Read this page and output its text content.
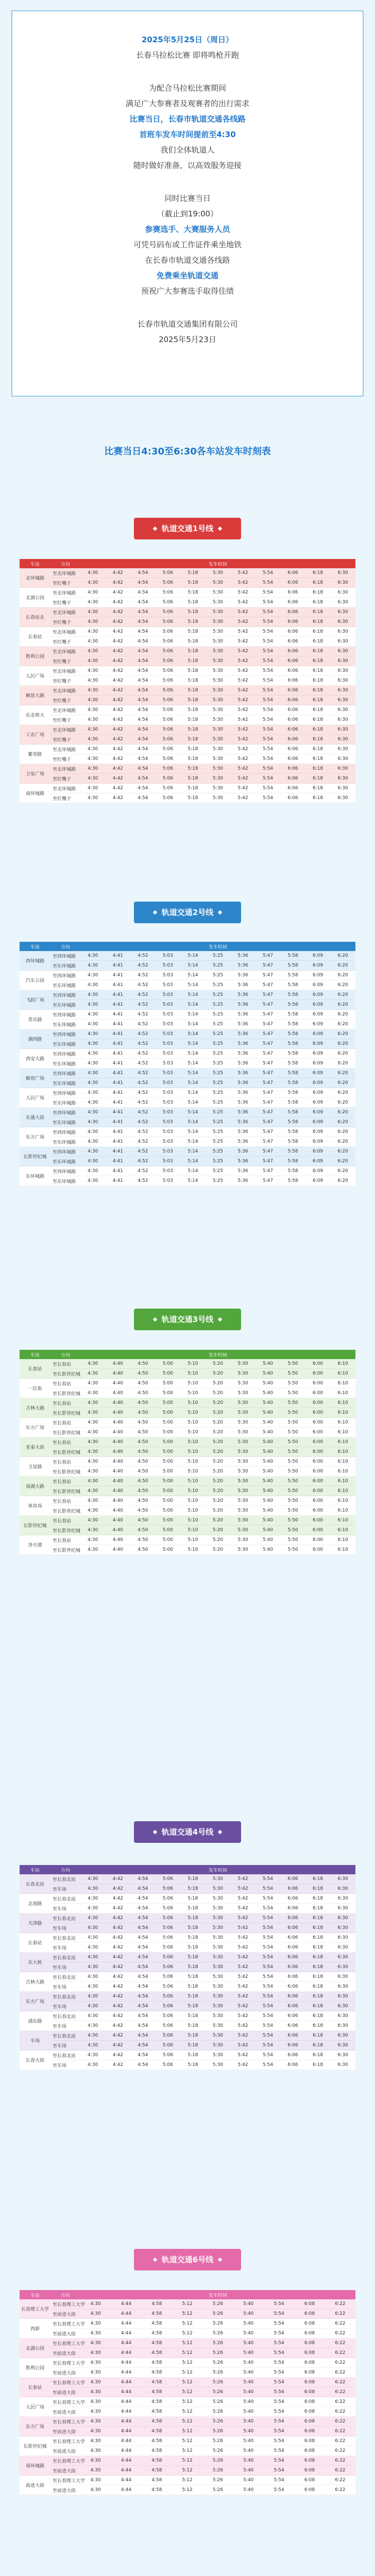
2025年5月25日（周日）
长春马拉松比赛 即将鸣枪开跑
为配合马拉松比赛期间
满足广大参赛者及观赛者的出行需求
比赛当日，长春市轨道交通各线路
首班车发车时间提前至4:30
我们全体轨道人
随时做好准备，以高效服务迎接
同时比赛当日
（截止到19:00）
参赛选手、大赛服务人员
可凭号码布或工作证件乘坐地铁
在长春市轨道交通各线路
免费乘坐轨道交通
预祝广大参赛选手取得佳绩
长春市轨道交通集团有限公司
2025年5月23日
比赛当日4:30至6:30各车站发车时刻表
轨道交通1号线
车站	方向	发车时间										
北环城路	至北环城路	4:30	4:42	4:54	5:06	5:18	5:30	5:42	5:54	6:06	6:18	6:30
	至红嘴子	4:30	4:42	4:54	5:06	5:18	5:30	5:42	5:54	6:06	6:18	6:30
北湖公园	至北环城路	4:30	4:42	4:54	5:06	5:18	5:30	5:42	5:54	6:06	6:18	6:30
	至红嘴子	4:30	4:42	4:54	5:06	5:18	5:30	5:42	5:54	6:06	6:18	6:30
长春站北	至北环城路	4:30	4:42	4:54	5:06	5:18	5:30	5:42	5:54	6:06	6:18	6:30
	至红嘴子	4:30	4:42	4:54	5:06	5:18	5:30	5:42	5:54	6:06	6:18	6:30
长春站	至北环城路	4:30	4:42	4:54	5:06	5:18	5:30	5:42	5:54	6:06	6:18	6:30
	至红嘴子	4:30	4:42	4:54	5:06	5:18	5:30	5:42	5:54	6:06	6:18	6:30
胜利公园	至北环城路	4:30	4:42	4:54	5:06	5:18	5:30	5:42	5:54	6:06	6:18	6:30
	至红嘴子	4:30	4:42	4:54	5:06	5:18	5:30	5:42	5:54	6:06	6:18	6:30
人民广场	至北环城路	4:30	4:42	4:54	5:06	5:18	5:30	5:42	5:54	6:06	6:18	6:30
	至红嘴子	4:30	4:42	4:54	5:06	5:18	5:30	5:42	5:54	6:06	6:18	6:30
解放大路	至北环城路	4:30	4:42	4:54	5:06	5:18	5:30	5:42	5:54	6:06	6:18	6:30
	至红嘴子	4:30	4:42	4:54	5:06	5:18	5:30	5:42	5:54	6:06	6:18	6:30
东北师大	至北环城路	4:30	4:42	4:54	5:06	5:18	5:30	5:42	5:54	6:06	6:18	6:30
	至红嘴子	4:30	4:42	4:54	5:06	5:18	5:30	5:42	5:54	6:06	6:18	6:30
工农广场	至北环城路	4:30	4:42	4:54	5:06	5:18	5:30	5:42	5:54	6:06	6:18	6:30
	至红嘴子	4:30	4:42	4:54	5:06	5:18	5:30	5:42	5:54	6:06	6:18	6:30
繁荣路	至北环城路	4:30	4:42	4:54	5:06	5:18	5:30	5:42	5:54	6:06	6:18	6:30
	至红嘴子	4:30	4:42	4:54	5:06	5:18	5:30	5:42	5:54	6:06	6:18	6:30
卫星广场	至北环城路	4:30	4:42	4:54	5:06	5:18	5:30	5:42	5:54	6:06	6:18	6:30
	至红嘴子	4:30	4:42	4:54	5:06	5:18	5:30	5:42	5:54	6:06	6:18	6:30
南环城路	至北环城路	4:30	4:42	4:54	5:06	5:18	5:30	5:42	5:54	6:06	6:18	6:30
	至红嘴子	4:30	4:42	4:54	5:06	5:18	5:30	5:42	5:54	6:06	6:18	6:30
轨道交通2号线
车站	方向	发车时间										
西环城路	至西环城路	4:30	4:41	4:52	5:03	5:14	5:25	5:36	5:47	5:58	6:09	6:20
	至东环城路	4:30	4:41	4:52	5:03	5:14	5:25	5:36	5:47	5:58	6:09	6:20
汽车公园	至西环城路	4:30	4:41	4:52	5:03	5:14	5:25	5:36	5:47	5:58	6:09	6:20
	至东环城路	4:30	4:41	4:52	5:03	5:14	5:25	5:36	5:47	5:58	6:09	6:20
飞跃广场	至西环城路	4:30	4:41	4:52	5:03	5:14	5:25	5:36	5:47	5:58	6:09	6:20
	至东环城路	4:30	4:41	4:52	5:03	5:14	5:25	5:36	5:47	5:58	6:09	6:20
普庆路	至西环城路	4:30	4:41	4:52	5:03	5:14	5:25	5:36	5:47	5:58	6:09	6:20
	至东环城路	4:30	4:41	4:52	5:03	5:14	5:25	5:36	5:47	5:58	6:09	6:20
湖西路	至西环城路	4:30	4:41	4:52	5:03	5:14	5:25	5:36	5:47	5:58	6:09	6:20
	至东环城路	4:30	4:41	4:52	5:03	5:14	5:25	5:36	5:47	5:58	6:09	6:20
西安大路	至西环城路	4:30	4:41	4:52	5:03	5:14	5:25	5:36	5:47	5:58	6:09	6:20
	至东环城路	4:30	4:41	4:52	5:03	5:14	5:25	5:36	5:47	5:58	6:09	6:20
解放广场	至西环城路	4:30	4:41	4:52	5:03	5:14	5:25	5:36	5:47	5:58	6:09	6:20
	至东环城路	4:30	4:41	4:52	5:03	5:14	5:25	5:36	5:47	5:58	6:09	6:20
人民广场	至西环城路	4:30	4:41	4:52	5:03	5:14	5:25	5:36	5:47	5:58	6:09	6:20
	至东环城路	4:30	4:41	4:52	5:03	5:14	5:25	5:36	5:47	5:58	6:09	6:20
东盛大街	至西环城路	4:30	4:41	4:52	5:03	5:14	5:25	5:36	5:47	5:58	6:09	6:20
	至东环城路	4:30	4:41	4:52	5:03	5:14	5:25	5:36	5:47	5:58	6:09	6:20
东方广场	至西环城路	4:30	4:41	4:52	5:03	5:14	5:25	5:36	5:47	5:58	6:09	6:20
	至东环城路	4:30	4:41	4:52	5:03	5:14	5:25	5:36	5:47	5:58	6:09	6:20
长影世纪城	至西环城路	4:30	4:41	4:52	5:03	5:14	5:25	5:36	5:47	5:58	6:09	6:20
	至东环城路	4:30	4:41	4:52	5:03	5:14	5:25	5:36	5:47	5:58	6:09	6:20
东环城路	至西环城路	4:30	4:41	4:52	5:03	5:14	5:25	5:36	5:47	5:58	6:09	6:20
	至东环城路	4:30	4:41	4:52	5:03	5:14	5:25	5:36	5:47	5:58	6:09	6:20
轨道交通3号线
车站	方向	发车时间										
长春站	至长春站	4:30	4:40	4:50	5:00	5:10	5:20	5:30	5:40	5:50	6:00	6:10
	至长影世纪城	4:30	4:40	4:50	5:00	5:10	5:20	5:30	5:40	5:50	6:00	6:10
一匡街	至长春站	4:30	4:40	4:50	5:00	5:10	5:20	5:30	5:40	5:50	6:00	6:10
	至长影世纪城	4:30	4:40	4:50	5:00	5:10	5:20	5:30	5:40	5:50	6:00	6:10
吉林大路	至长春站	4:30	4:40	4:50	5:00	5:10	5:20	5:30	5:40	5:50	6:00	6:10
	至长影世纪城	4:30	4:40	4:50	5:00	5:10	5:20	5:30	5:40	5:50	6:00	6:10
东方广场	至长春站	4:30	4:40	4:50	5:00	5:10	5:20	5:30	5:40	5:50	6:00	6:10
	至长影世纪城	4:30	4:40	4:50	5:00	5:10	5:20	5:30	5:40	5:50	6:00	6:10
亚泰大街	至长春站	4:30	4:40	4:50	5:00	5:10	5:20	5:30	5:40	5:50	6:00	6:10
	至长影世纪城	4:30	4:40	4:50	5:00	5:10	5:20	5:30	5:40	5:50	6:00	6:10
卫星路	至长春站	4:30	4:40	4:50	5:00	5:10	5:20	5:30	5:40	5:50	6:00	6:10
	至长影世纪城	4:30	4:40	4:50	5:00	5:10	5:20	5:30	5:40	5:50	6:00	6:10
南湖大路	至长春站	4:30	4:40	4:50	5:00	5:10	5:20	5:30	5:40	5:50	6:00	6:10
	至长影世纪城	4:30	4:40	4:50	5:00	5:10	5:20	5:30	5:40	5:50	6:00	6:10
体育场	至长春站	4:30	4:40	4:50	5:00	5:10	5:20	5:30	5:40	5:50	6:00	6:10
	至长影世纪城	4:30	4:40	4:50	5:00	5:10	5:20	5:30	5:40	5:50	6:00	6:10
长影世纪城	至长春站	4:30	4:40	4:50	5:00	5:10	5:20	5:30	5:40	5:50	6:00	6:10
	至长影世纪城	4:30	4:40	4:50	5:00	5:10	5:20	5:30	5:40	5:50	6:00	6:10
净月潭	至长春站	4:30	4:40	4:50	5:00	5:10	5:20	5:30	5:40	5:50	6:00	6:10
	至长影世纪城	4:30	4:40	4:50	5:00	5:10	5:20	5:30	5:40	5:50	6:00	6:10
轨道交通4号线
车站	方向	发车时间										
长春北站	至长春北站	4:30	4:42	4:54	5:06	5:18	5:30	5:42	5:54	6:06	6:18	6:30
	至车场	4:30	4:42	4:54	5:06	5:18	5:30	5:42	5:54	6:06	6:18	6:30
北海路	至长春北站	4:30	4:42	4:54	5:06	5:18	5:30	5:42	5:54	6:06	6:18	6:30
	至车场	4:30	4:42	4:54	5:06	5:18	5:30	5:42	5:54	6:06	6:18	6:30
天津路	至长春北站	4:30	4:42	4:54	5:06	5:18	5:30	5:42	5:54	6:06	6:18	6:30
	至车场	4:30	4:42	4:54	5:06	5:18	5:30	5:42	5:54	6:06	6:18	6:30
长春站	至长春北站	4:30	4:42	4:54	5:06	5:18	5:30	5:42	5:54	6:06	6:18	6:30
	至车场	4:30	4:42	4:54	5:06	5:18	5:30	5:42	5:54	6:06	6:18	6:30
东大桥	至长春北站	4:30	4:42	4:54	5:06	5:18	5:30	5:42	5:54	6:06	6:18	6:30
	至车场	4:30	4:42	4:54	5:06	5:18	5:30	5:42	5:54	6:06	6:18	6:30
吉林大路	至长春北站	4:30	4:42	4:54	5:06	5:18	5:30	5:42	5:54	6:06	6:18	6:30
	至车场	4:30	4:42	4:54	5:06	5:18	5:30	5:42	5:54	6:06	6:18	6:30
东方广场	至长春北站	4:30	4:42	4:54	5:06	5:18	5:30	5:42	5:54	6:06	6:18	6:30
	至车场	4:30	4:42	4:54	5:06	5:18	5:30	5:42	5:54	6:06	6:18	6:30
浦东路	至长春北站	4:30	4:42	4:54	5:06	5:18	5:30	5:42	5:54	6:06	6:18	6:30
	至车场	4:30	4:42	4:54	5:06	5:18	5:30	5:42	5:54	6:06	6:18	6:30
车场	至长春北站	4:30	4:42	4:54	5:06	5:18	5:30	5:42	5:54	6:06	6:18	6:30
	至车场	4:30	4:42	4:54	5:06	5:18	5:30	5:42	5:54	6:06	6:18	6:30
长春大街	至长春北站	4:30	4:42	4:54	5:06	5:18	5:30	5:42	5:54	6:06	6:18	6:30
	至车场	4:30	4:42	4:54	5:06	5:18	5:30	5:42	5:54	6:06	6:18	6:30
轨道交通6号线
车站	方向	发车时间								
长春理工大学	至长春理工大学	4:30	4:44	4:58	5:12	5:26	5:40	5:54	6:08	6:22
	至前进大街	4:30	4:44	4:58	5:12	5:26	5:40	5:54	6:08	6:22
西新	至长春理工大学	4:30	4:44	4:58	5:12	5:26	5:40	5:54	6:08	6:22
	至前进大街	4:30	4:44	4:58	5:12	5:26	5:40	5:54	6:08	6:22
北湖公园	至长春理工大学	4:30	4:44	4:58	5:12	5:26	5:40	5:54	6:08	6:22
	至前进大街	4:30	4:44	4:58	5:12	5:26	5:40	5:54	6:08	6:22
胜利公园	至长春理工大学	4:30	4:44	4:58	5:12	5:26	5:40	5:54	6:08	6:22
	至前进大街	4:30	4:44	4:58	5:12	5:26	5:40	5:54	6:08	6:22
长春站	至长春理工大学	4:30	4:44	4:58	5:12	5:26	5:40	5:54	6:08	6:22
	至前进大街	4:30	4:44	4:58	5:12	5:26	5:40	5:54	6:08	6:22
人民广场	至长春理工大学	4:30	4:44	4:58	5:12	5:26	5:40	5:54	6:08	6:22
	至前进大街	4:30	4:44	4:58	5:12	5:26	5:40	5:54	6:08	6:22
东方广场	至长春理工大学	4:30	4:44	4:58	5:12	5:26	5:40	5:54	6:08	6:22
	至前进大街	4:30	4:44	4:58	5:12	5:26	5:40	5:54	6:08	6:22
长影世纪城	至长春理工大学	4:30	4:44	4:58	5:12	5:26	5:40	5:54	6:08	6:22
	至前进大街	4:30	4:44	4:58	5:12	5:26	5:40	5:54	6:08	6:22
南环城路	至长春理工大学	4:30	4:44	4:58	5:12	5:26	5:40	5:54	6:08	6:22
	至前进大街	4:30	4:44	4:58	5:12	5:26	5:40	5:54	6:08	6:22
前进大街	至长春理工大学	4:30	4:44	4:58	5:12	5:26	5:40	5:54	6:08	6:22
	至前进大街	4:30	4:44	4:58	5:12	5:26	5:40	5:54	6:08	6:22
